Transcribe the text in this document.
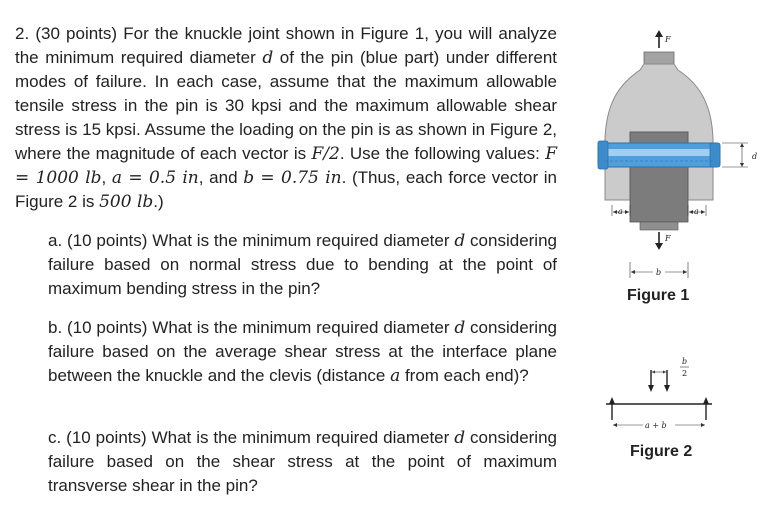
2. (30 points) For the knuckle joint shown in Figure 1, you will analyze the minimum required diameter d of the pin (blue part) under different modes of failure. In each case, assume that the maximum allowable tensile stress in the pin is 30 kpsi and the maximum allowable shear stress is 15 kpsi. Assume the loading on the pin is as shown in Figure 2, where the magnitude of each vector is F/2. Use the following values: F = 1000 lb, a = 0.5 in, and b = 0.75 in. (Thus, each force vector in Figure 2 is 500 lb.)

a. (10 points) What is the minimum required diameter d considering failure based on normal stress due to bending at the point of maximum bending stress in the pin?

b. (10 points) What is the minimum required diameter d considering failure based on the average shear stress at the interface plane between the knuckle and the clevis (distance a from each end)?

c. (10 points) What is the minimum required diameter d considering failure based on the shear stress at the point of maximum transverse shear in the pin?

F
d
a	a
F
b
b
2
a + b
Figure 1
Figure 2
